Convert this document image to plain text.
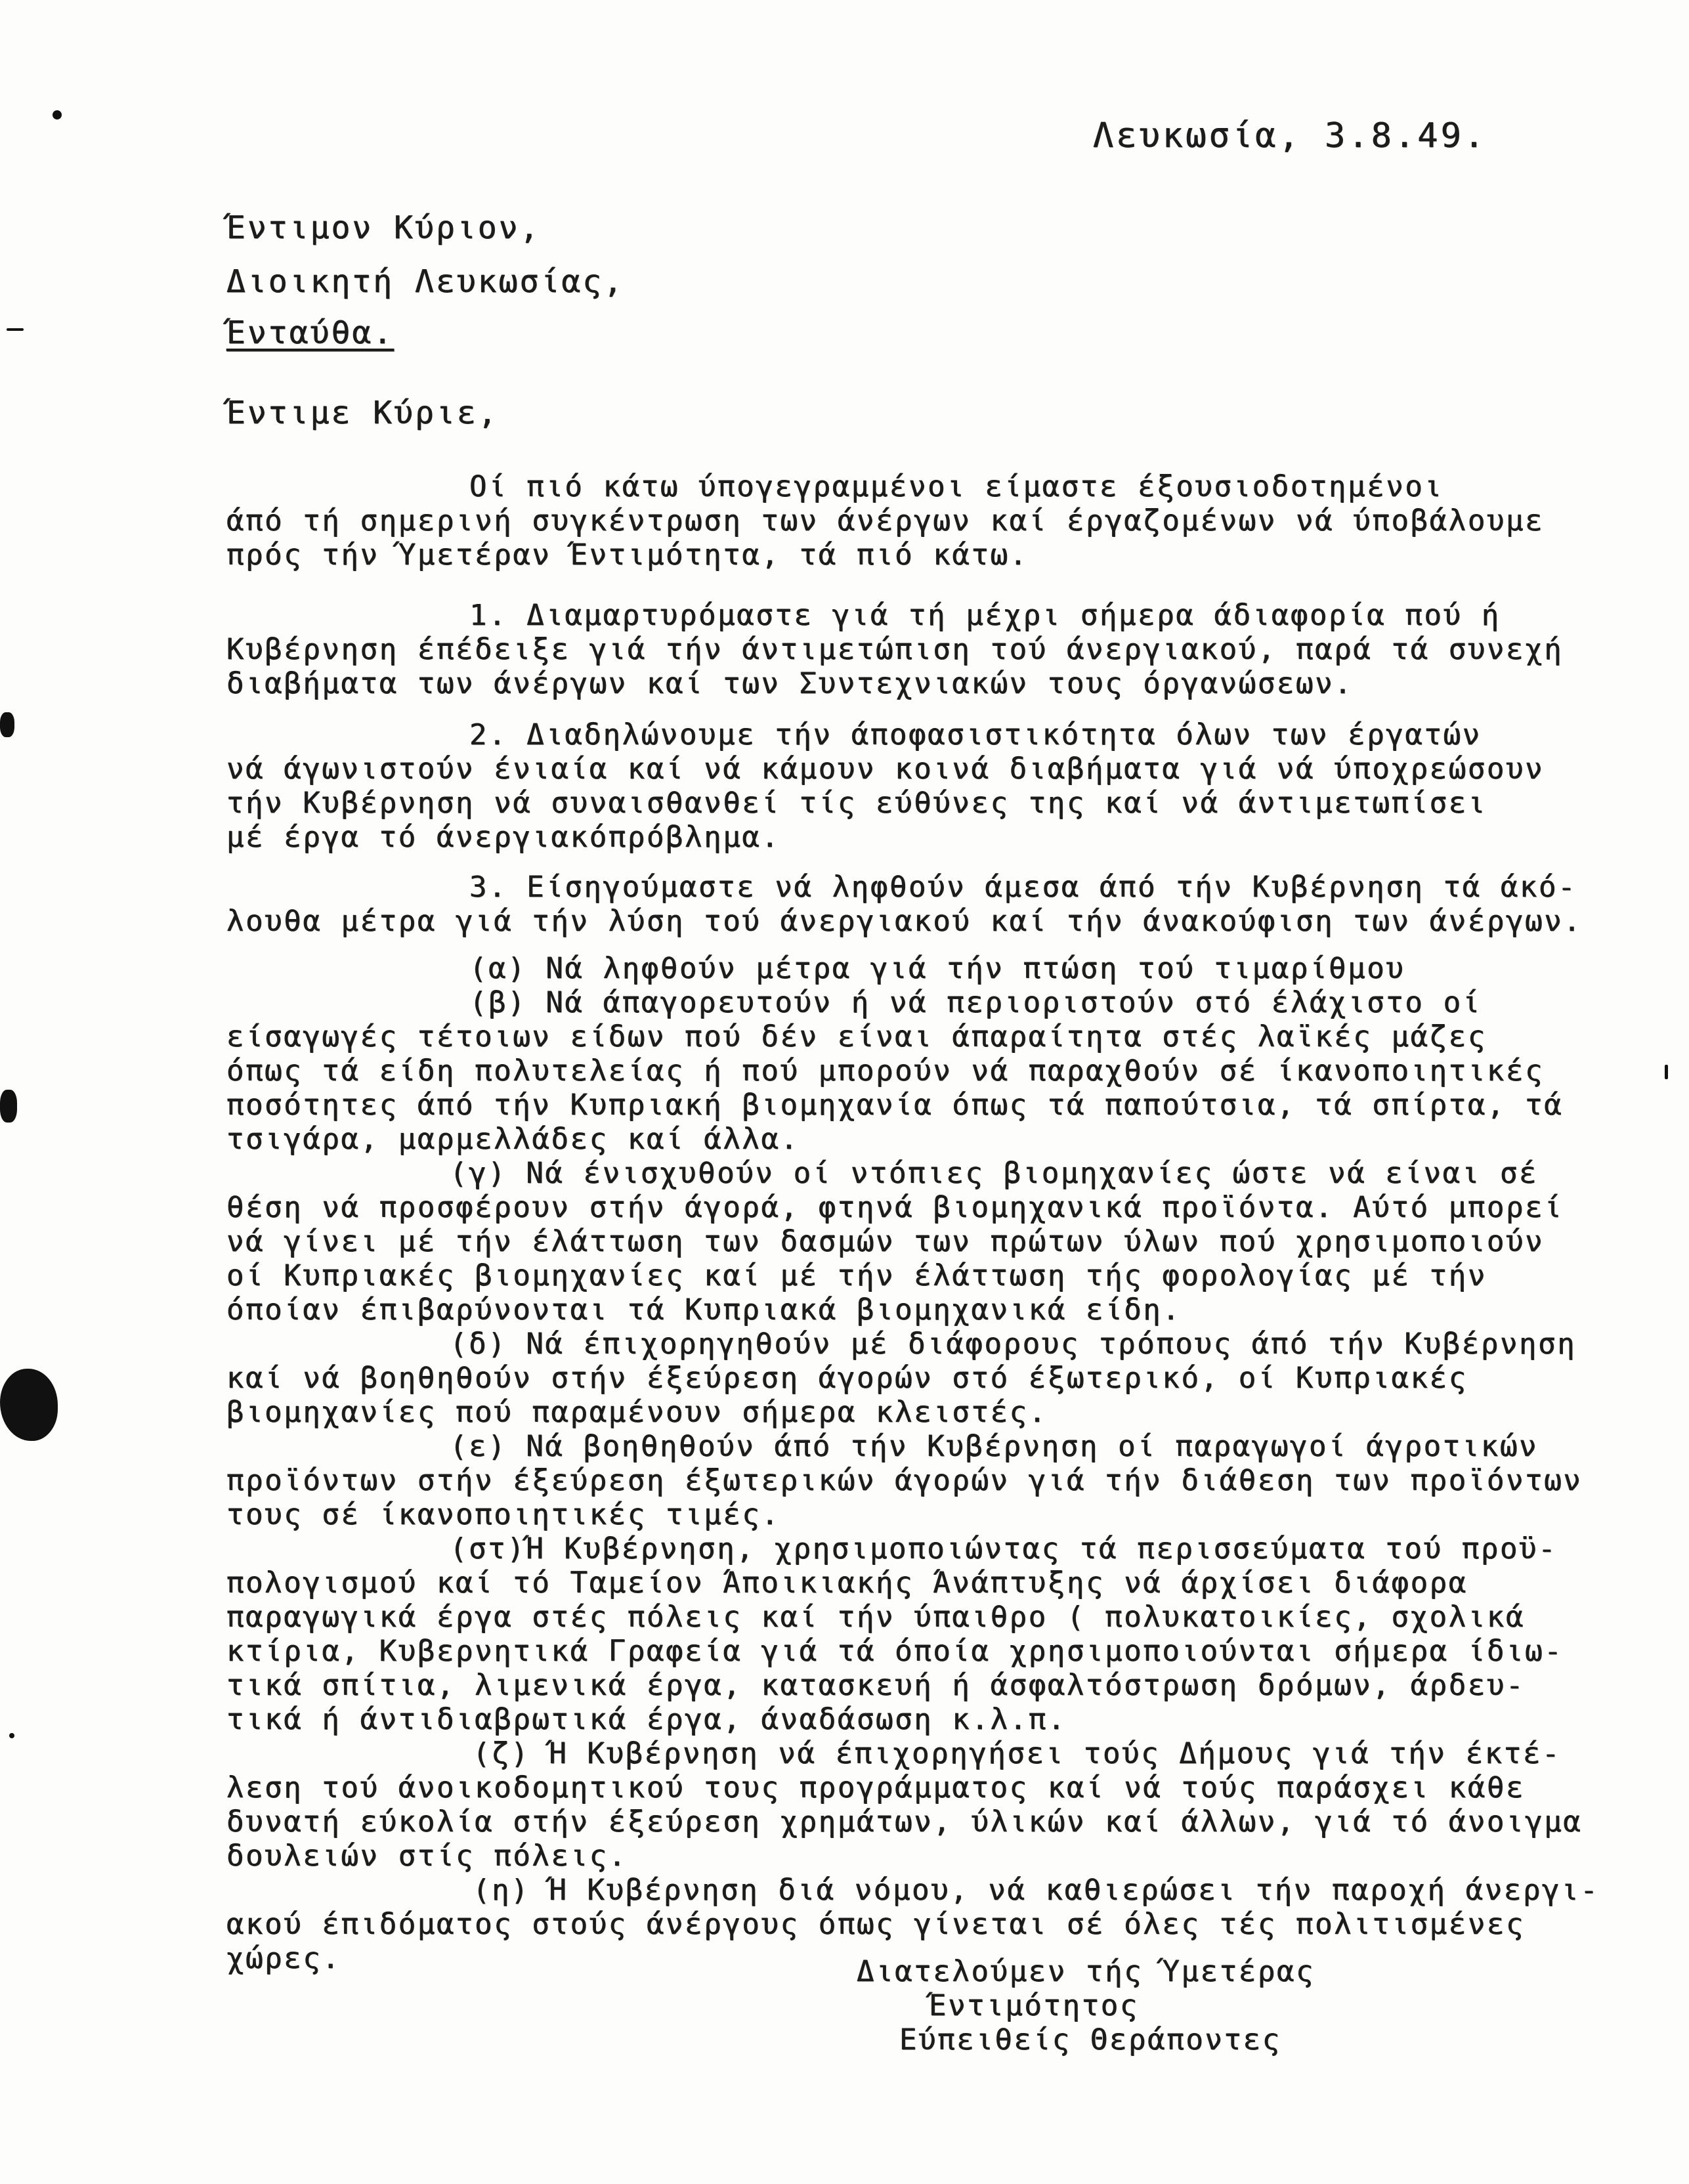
Λευκωσία, 3.8.49.
Έντιμον Κύριον,
Διοικητή Λευκωσίας,
Ένταύθα.
Έντιμε Κύριε,
Οί πιό κάτω ύπογεγραμμένοι είμαστε έξουσιοδοτημένοι
άπό τή σημερινή συγκέντρωση των άνέργων καί έργαζομένων νά ύποβάλουμε
πρός τήν Ύμετέραν Έντιμότητα, τά πιό κάτω.
1. Διαμαρτυρόμαστε γιά τή μέχρι σήμερα άδιαφορία πού ή
Κυβέρνηση έπέδειξε γιά τήν άντιμετώπιση τού άνεργιακού, παρά τά συνεχή
διαβήματα των άνέργων καί των Συντεχνιακών τους όργανώσεων.
2. Διαδηλώνουμε τήν άποφασιστικότητα όλων των έργατών
νά άγωνιστούν ένιαία καί νά κάμουν κοινά διαβήματα γιά νά ύποχρεώσουν
τήν Κυβέρνηση νά συναισθανθεί τίς εύθύνες της καί νά άντιμετωπίσει
μέ έργα τό άνεργιακόπρόβλημα.
3. Είσηγούμαστε νά ληφθούν άμεσα άπό τήν Κυβέρνηση τά άκό-
λουθα μέτρα γιά τήν λύση τού άνεργιακού καί τήν άνακούφιση των άνέργων.
(α) Νά ληφθούν μέτρα γιά τήν πτώση τού τιμαρίθμου
(β) Νά άπαγορευτούν ή νά περιοριστούν στό έλάχιστο οί
είσαγωγές τέτοιων είδων πού δέν είναι άπαραίτητα στές λαϊκές μάζες
όπως τά είδη πολυτελείας ή πού μπορούν νά παραχθούν σέ ίκανοποιητικές
ποσότητες άπό τήν Κυπριακή βιομηχανία όπως τά παπούτσια, τά σπίρτα, τά
τσιγάρα, μαρμελλάδες καί άλλα.
(γ) Νά ένισχυθούν οί ντόπιες βιομηχανίες ώστε νά είναι σέ
θέση νά προσφέρουν στήν άγορά, φτηνά βιομηχανικά προϊόντα. Αύτό μπορεί
νά γίνει μέ τήν έλάττωση των δασμών των πρώτων ύλων πού χρησιμοποιούν
οί Κυπριακές βιομηχανίες καί μέ τήν έλάττωση τής φορολογίας μέ τήν
όποίαν έπιβαρύνονται τά Κυπριακά βιομηχανικά είδη.
(δ) Νά έπιχορηγηθούν μέ διάφορους τρόπους άπό τήν Κυβέρνηση
καί νά βοηθηθούν στήν έξεύρεση άγορών στό έξωτερικό, οί Κυπριακές
βιομηχανίες πού παραμένουν σήμερα κλειστές.
(ε) Νά βοηθηθούν άπό τήν Κυβέρνηση οί παραγωγοί άγροτικών
προϊόντων στήν έξεύρεση έξωτερικών άγορών γιά τήν διάθεση των προϊόντων
τους σέ ίκανοποιητικές τιμές.
(στ)Ή Κυβέρνηση, χρησιμοποιώντας τά περισσεύματα τού προϋ-
πολογισμού καί τό Ταμείον Άποικιακής Άνάπτυξης νά άρχίσει διάφορα
παραγωγικά έργα στές πόλεις καί τήν ύπαιθρο ( πολυκατοικίες, σχολικά
κτίρια, Κυβερνητικά Γραφεία γιά τά όποία χρησιμοποιούνται σήμερα ίδιω-
τικά σπίτια, λιμενικά έργα, κατασκευή ή άσφαλτόστρωση δρόμων, άρδευ-
τικά ή άντιδιαβρωτικά έργα, άναδάσωση κ.λ.π.
(ζ) Ή Κυβέρνηση νά έπιχορηγήσει τούς Δήμους γιά τήν έκτέ-
λεση τού άνοικοδομητικού τους προγράμματος καί νά τούς παράσχει κάθε
δυνατή εύκολία στήν έξεύρεση χρημάτων, ύλικών καί άλλων, γιά τό άνοιγμα
δουλειών στίς πόλεις.
(η) Ή Κυβέρνηση διά νόμου, νά καθιερώσει τήν παροχή άνεργι-
ακού έπιδόματος στούς άνέργους όπως γίνεται σέ όλες τές πολιτισμένες
χώρες.	Διατελούμεν τής Ύμετέρας
Έντιμότητος
Εύπειθείς Θεράποντες
